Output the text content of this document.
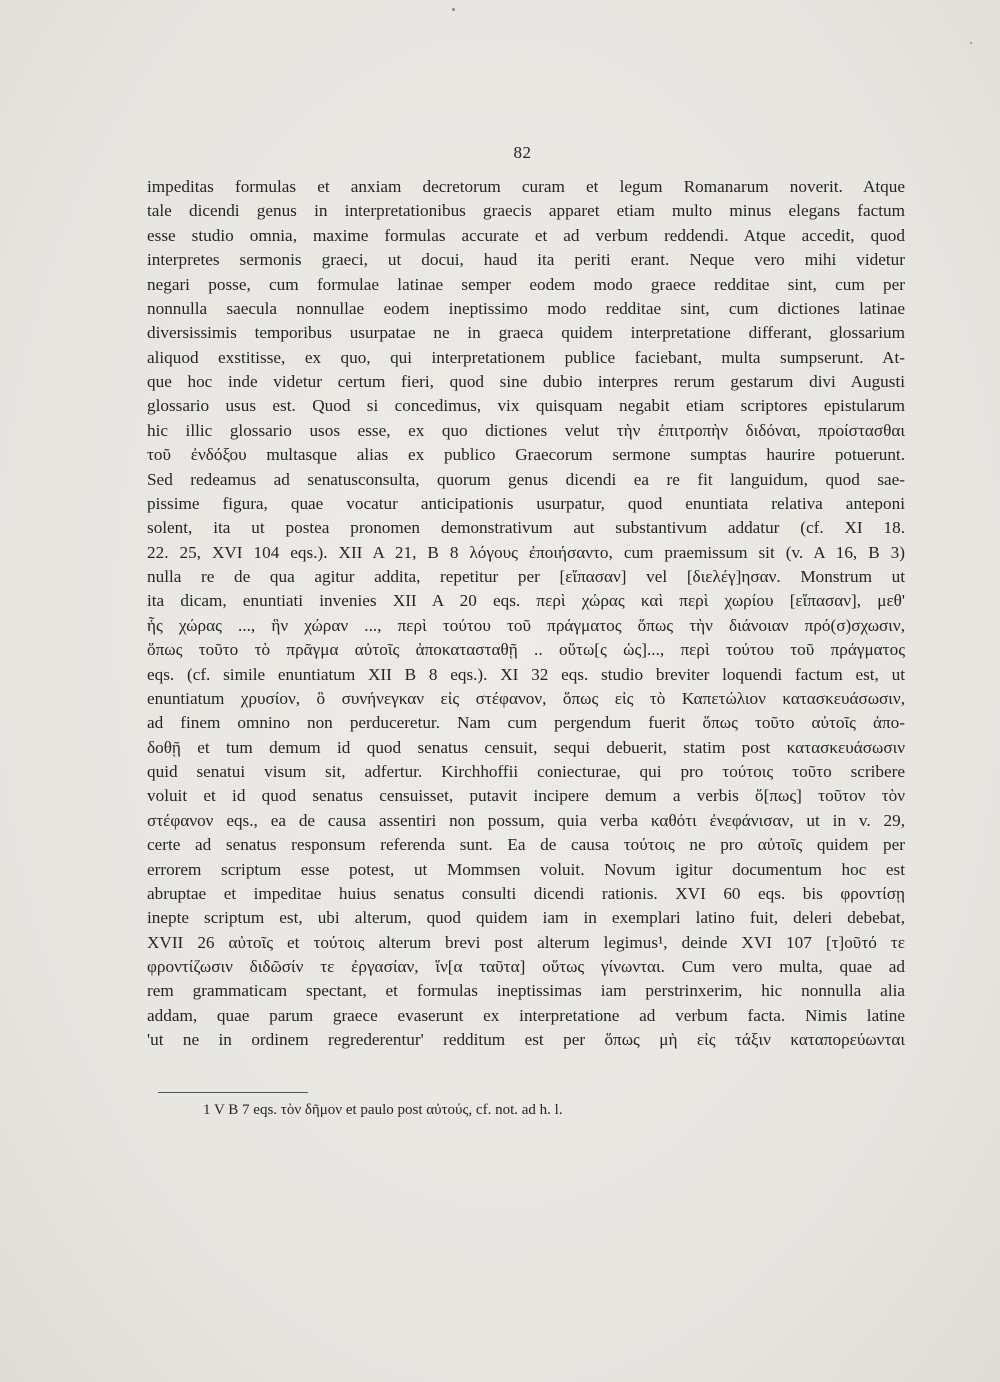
82
impeditas formulas et anxiam decretorum curam et legum Romanarum noverit. Atque
tale dicendi genus in interpretationibus graecis apparet etiam multo minus elegans factum
esse studio omnia, maxime formulas accurate et ad verbum reddendi. Atque accedit, quod
interpretes sermonis graeci, ut docui, haud ita periti erant. Neque vero mihi videtur
negari posse, cum formulae latinae semper eodem modo graece redditae sint, cum per
nonnulla saecula nonnullae eodem ineptissimo modo redditae sint, cum dictiones latinae
diversissimis temporibus usurpatae ne in graeca quidem interpretatione differant, glossarium
aliquod exstitisse, ex quo, qui interpretationem publice faciebant, multa sumpserunt. At-
que hoc inde videtur certum fieri, quod sine dubio interpres rerum gestarum divi Augusti
glossario usus est. Quod si concedimus, vix quisquam negabit etiam scriptores epistularum
hic illic glossario usos esse, ex quo dictiones velut τὴν ἐπιτροπὴν διδόναι, προίστασθαι
τοῦ ἐνδόξου multasque alias ex publico Graecorum sermone sumptas haurire potuerunt.
Sed redeamus ad senatusconsulta, quorum genus dicendi ea re fit languidum, quod sae-
pissime figura, quae vocatur anticipationis usurpatur, quod enuntiata relativa anteponi
solent, ita ut postea pronomen demonstrativum aut substantivum addatur (cf. XI 18.
22. 25, XVI 104 eqs.). XII A 21, B 8 λόγους ἐποιήσαντο, cum praemissum sit (v. A 16, B 3)
nulla re de qua agitur addita, repetitur per [εἴπασαν] vel [διελέγ]ησαν. Monstrum ut
ita dicam, enuntiati invenies XII A 20 eqs. περὶ χώρας καὶ περὶ χωρίου [εἴπασαν], μεθ'
ἧς χώρας ..., ἣν χώραν ..., περὶ τούτου τοῦ πράγματος ὅπως τὴν διάνοιαν πρό(σ)σχωσιν,
ὅπως τοῦτο τὸ πρᾶγμα αὐτοῖς ἀποκατασταθῇ .. οὕτω[ς ὡς]..., περὶ τούτου τοῦ πράγματος
eqs. (cf. simile enuntiatum XII B 8 eqs.). XI 32 eqs. studio breviter loquendi factum est, ut
enuntiatum χρυσίον, ὃ συνήνεγκαν εἰς στέφανον, ὅπως εἰς τὸ Καπετώλιον κατασκευάσωσιν,
ad finem omnino non perduceretur. Nam cum pergendum fuerit ὅπως τοῦτο αὐτοῖς ἀπο-
δοθῇ et tum demum id quod senatus censuit, sequi debuerit, statim post κατασκευάσωσιν
quid senatui visum sit, adfertur. Kirchhoffii coniecturae, qui pro τούτοις τοῦτο scribere
voluit et id quod senatus censuisset, putavit incipere demum a verbis ὅ[πως] τοῦτον τὸν
στέφανον eqs., ea de causa assentiri non possum, quia verba καθότι ἐνεφάνισαν, ut in v. 29,
certe ad senatus responsum referenda sunt. Ea de causa τούτοις ne pro αὐτοῖς quidem per
errorem scriptum esse potest, ut Mommsen voluit. Novum igitur documentum hoc est
abruptae et impeditae huius senatus consulti dicendi rationis. XVI 60 eqs. bis φροντίσῃ
inepte scriptum est, ubi alterum, quod quidem iam in exemplari latino fuit, deleri debebat,
XVII 26 αὐτοῖς et τούτοις alterum brevi post alterum legimus¹, deinde XVI 107 [τ]οῦτό τε
φροντίζωσιν διδῶσίν τε ἐργασίαν, ἵν[α ταῦτα] οὕτως γίνωνται. Cum vero multa, quae ad
rem grammaticam spectant, et formulas ineptissimas iam perstrinxerim, hic nonnulla alia
addam, quae parum graece evaserunt ex interpretatione ad verbum facta. Nimis latine
'ut ne in ordinem regrederentur' redditum est per ὅπως μὴ εἰς τάξιν καταπορεύωνται
1 V B 7 eqs. τὸν δῆμον et paulo post αὐτούς, cf. not. ad h. l.
